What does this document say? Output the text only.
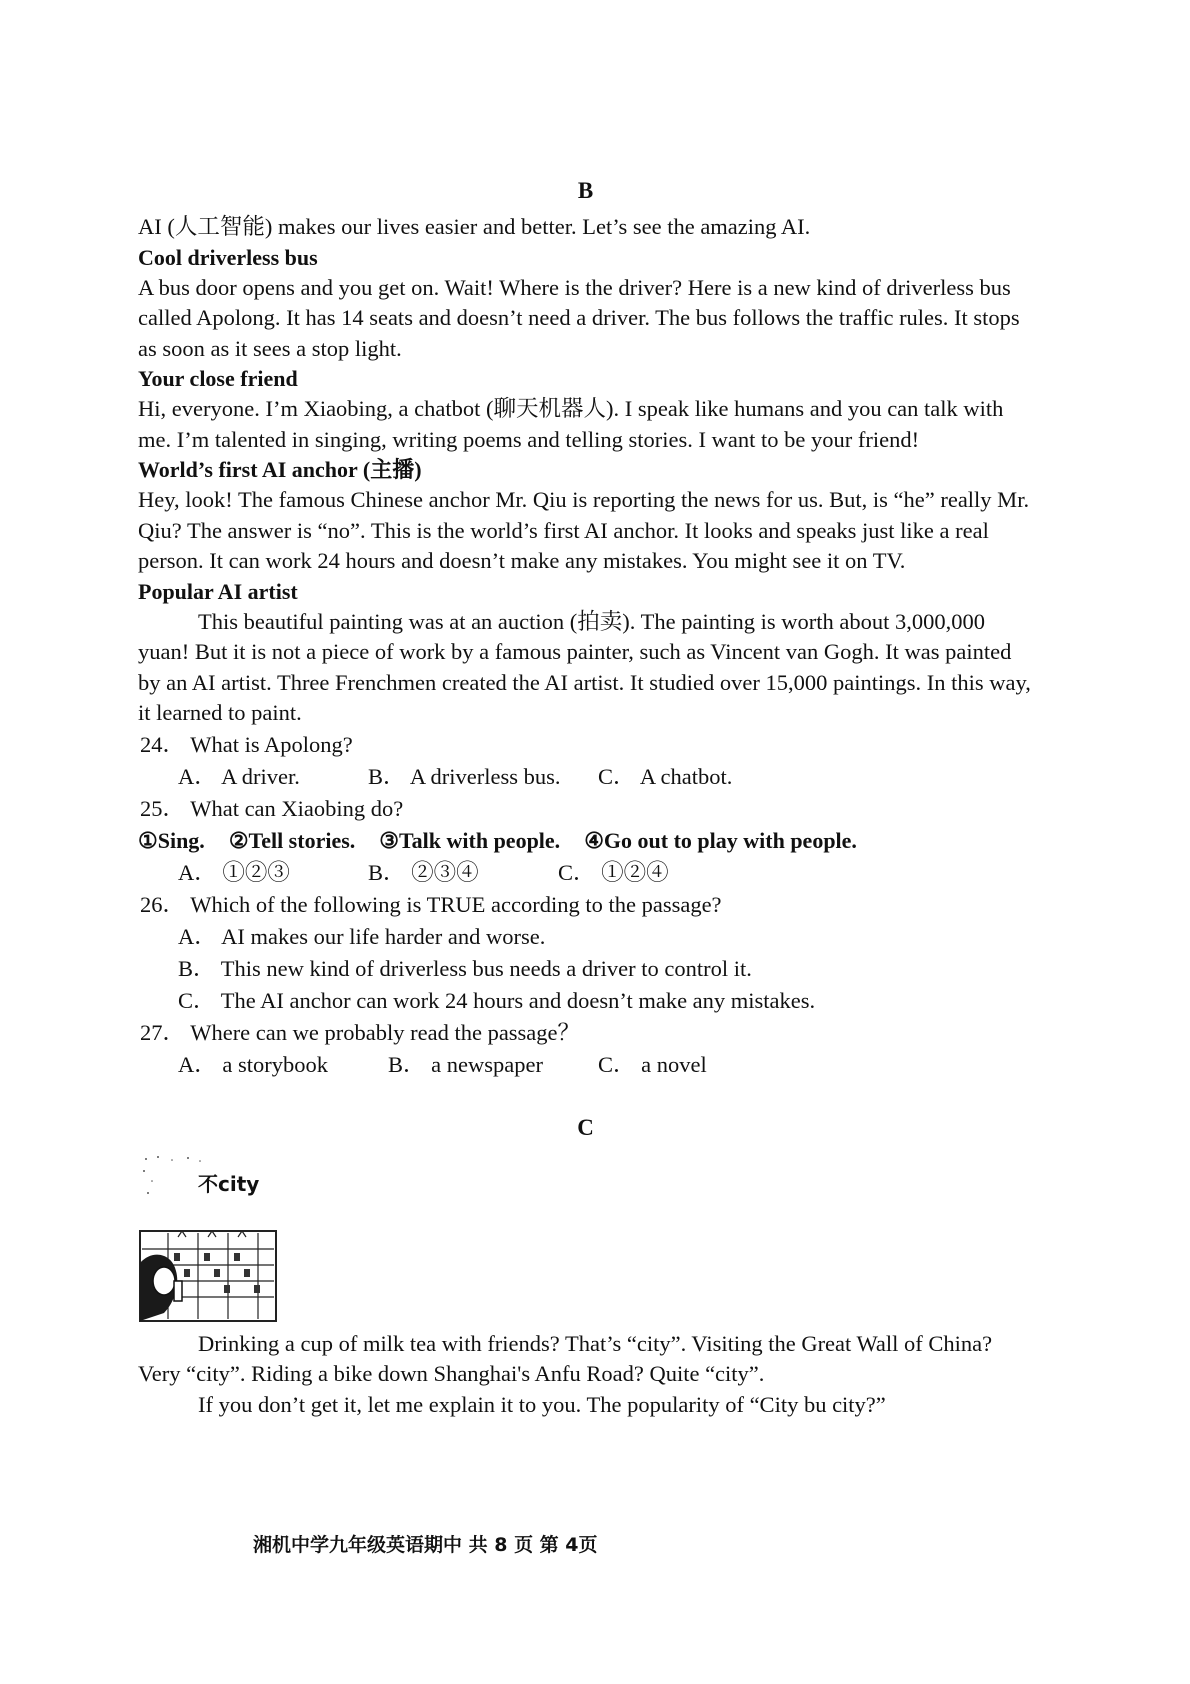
B

AI (人工智能) makes our lives easier and better. Let’s see the amazing AI.

Cool driverless bus

A bus door opens and you get on. Wait! Where is the driver? Here is a new kind of driverless bus called Apolong. It has 14 seats and doesn’t need a driver. The bus follows the traffic rules. It stops as soon as it sees a stop light.

Your close friend

Hi, everyone. I’m Xiaobing, a chatbot (聊天机器人). I speak like humans and you can talk with me. I’m talented in singing, writing poems and telling stories. I want to be your friend!

World’s first AI anchor (主播)

Hey, look! The famous Chinese anchor Mr. Qiu is reporting the news for us. But, is “he” really Mr. Qiu? The answer is “no”. This is the world’s first AI anchor. It looks and speaks just like a real person. It can work 24 hours and doesn’t make any mistakes. You might see it on TV.

Popular AI artist

This beautiful painting was at an auction (拍卖). The painting is worth about 3,000,000 yuan! But it is not a piece of work by a famous painter, such as Vincent van Gogh. It was painted by an AI artist. Three Frenchmen created the AI artist. It studied over 15,000 paintings. In this way, it learned to paint.

24． What is Apolong?
A． A driver.	B． A driverless bus. C． A chatbot.
25． What can Xiaobing do?
①Sing. ②Tell stories. ③Talk with people. ④Go out to play with people.
A． ①②③	B． ②③④	C． ①②④
26． Which of the following is TRUE according to the passage?
A． AI makes our life harder and worse.
B． This new kind of driverless bus needs a driver to control it.
C． The AI anchor can work 24 hours and doesn’t make any mistakes.
27． Where can we probably read the passage？
A． a storybook	B． a newspaper C． a novel
C
不city

Drinking a cup of milk tea with friends? That’s “city”. Visiting the Great Wall of China? Very “city”. Riding a bike down Shanghai's Anfu Road? Quite “city”.

If you don’t get it, let me explain it to you. The popularity of “City bu city?”

湘机中学九年级英语期中 共 8 页 第 4页
